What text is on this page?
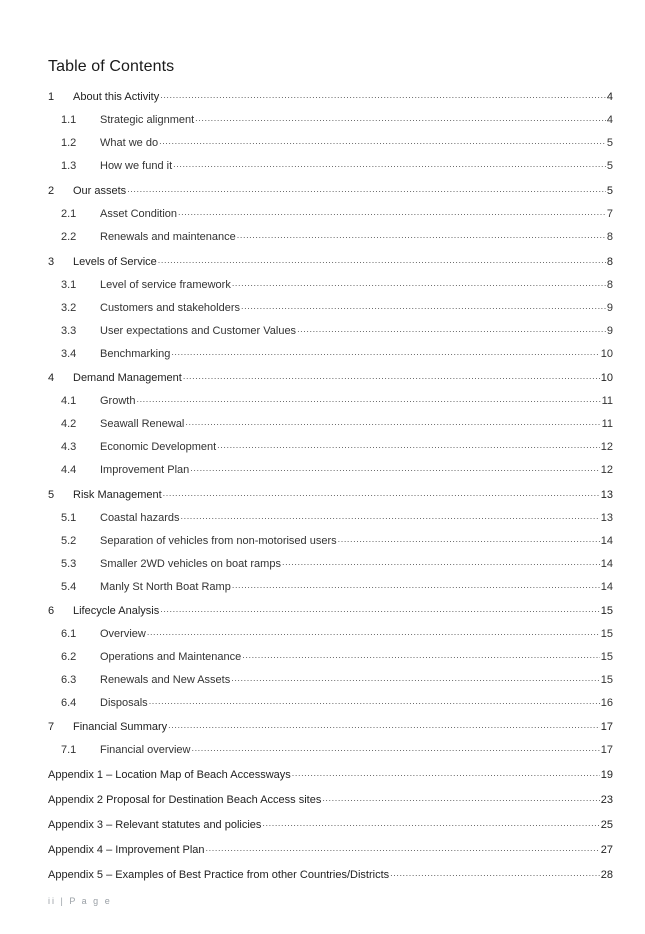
Table of Contents
1	About this Activity .....	4
1.1	Strategic alignment .....	4
1.2	What we do .....	5
1.3	How we fund it .....	5
2	Our assets .....	5
2.1	Asset Condition .....	7
2.2	Renewals and maintenance .....	8
3	Levels of Service .....	8
3.1	Level of service framework .....	8
3.2	Customers and stakeholders .....	9
3.3	User expectations and Customer Values .....	9
3.4	Benchmarking .....	10
4	Demand Management .....	10
4.1	Growth .....	11
4.2	Seawall Renewal .....	11
4.3	Economic Development .....	12
4.4	Improvement Plan .....	12
5	Risk Management .....	13
5.1	Coastal hazards .....	13
5.2	Separation of vehicles from non-motorised users .....	14
5.3	Smaller 2WD vehicles on boat ramps .....	14
5.4	Manly St North Boat Ramp .....	14
6	Lifecycle Analysis .....	15
6.1	Overview .....	15
6.2	Operations and Maintenance .....	15
6.3	Renewals and New Assets .....	15
6.4	Disposals .....	16
7	Financial Summary .....	17
7.1	Financial overview .....	17
Appendix 1 – Location Map of Beach Accessways .....	19
Appendix 2 Proposal for Destination Beach Access sites .....	23
Appendix 3 – Relevant statutes and policies .....	25
Appendix 4 – Improvement Plan .....	27
Appendix 5 – Examples of Best Practice from other Countries/Districts .....	28
ii | P a g e
